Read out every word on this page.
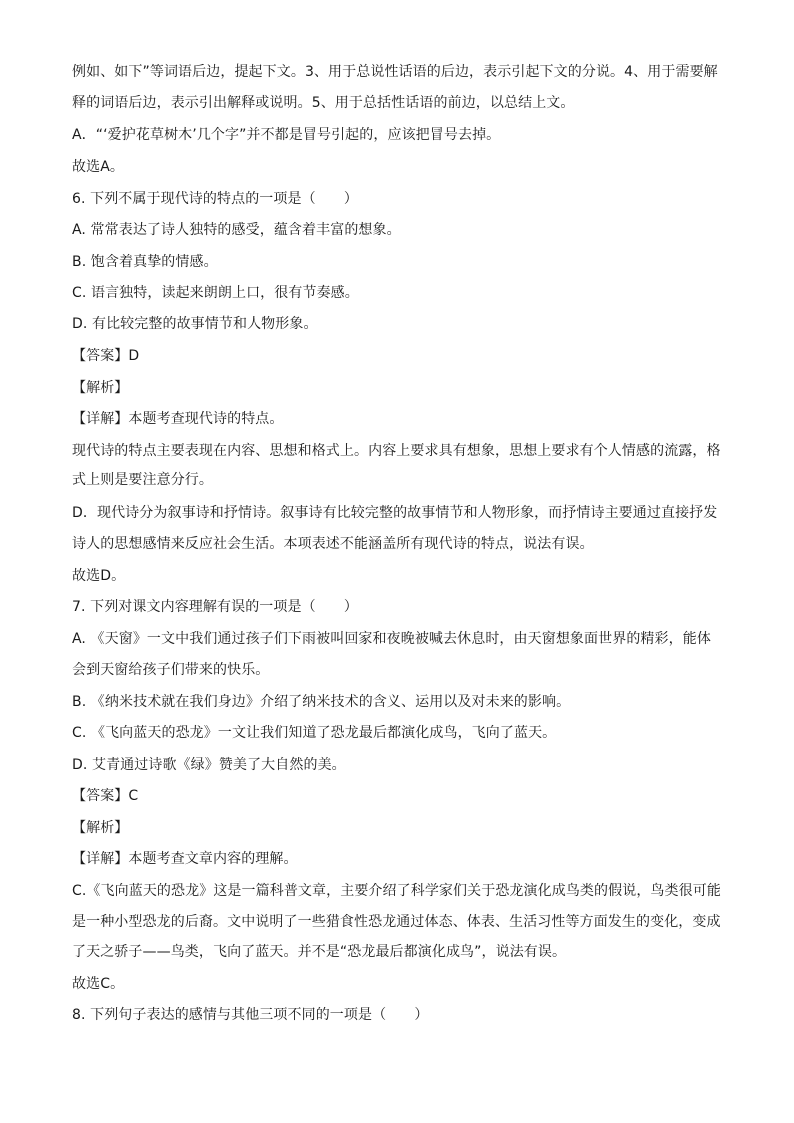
例如、如下”等词语后边，提起下文。3、用于总说性话语的后边，表示引起下文的分说。4、用于需要解
释的词语后边，表示引出解释或说明。5、用于总括性话语的前边，以总结上文。
A．“‘爱护花草树木’几个字”并不都是冒号引起的，应该把冒号去掉。
故选A。
6. 下列不属于现代诗的特点的一项是（　　）
A. 常常表达了诗人独特的感受，蕴含着丰富的想象。
B. 饱含着真挚的情感。
C. 语言独特，读起来朗朗上口，很有节奏感。
D. 有比较完整的故事情节和人物形象。
【答案】D
【解析】
【详解】本题考查现代诗的特点。
现代诗的特点主要表现在内容、思想和格式上。内容上要求具有想象，思想上要求有个人情感的流露，格
式上则是要注意分行。
D．现代诗分为叙事诗和抒情诗。叙事诗有比较完整的故事情节和人物形象，而抒情诗主要通过直接抒发
诗人的思想感情来反应社会生活。本项表述不能涵盖所有现代诗的特点，说法有误。
故选D。
7. 下列对课文内容理解有误的一项是（　　）
A. 《天窗》一文中我们通过孩子们下雨被叫回家和夜晚被喊去休息时，由天窗想象面世界的精彩，能体
会到天窗给孩子们带来的快乐。
B. 《纳米技术就在我们身边》介绍了纳米技术的含义、运用以及对未来的影响。
C. 《飞向蓝天的恐龙》一文让我们知道了恐龙最后都演化成鸟，飞向了蓝天。
D. 艾青通过诗歌《绿》赞美了大自然的美。
【答案】C
【解析】
【详解】本题考查文章内容的理解。
C.《飞向蓝天的恐龙》这是一篇科普文章，主要介绍了科学家们关于恐龙演化成鸟类的假说，鸟类很可能
是一种小型恐龙的后裔。文中说明了一些猎食性恐龙通过体态、体表、生活习性等方面发生的变化，变成
了天之骄子——鸟类，飞向了蓝天。并不是“恐龙最后都演化成鸟”，说法有误。
故选C。
8. 下列句子表达的感情与其他三项不同的一项是（　　）
